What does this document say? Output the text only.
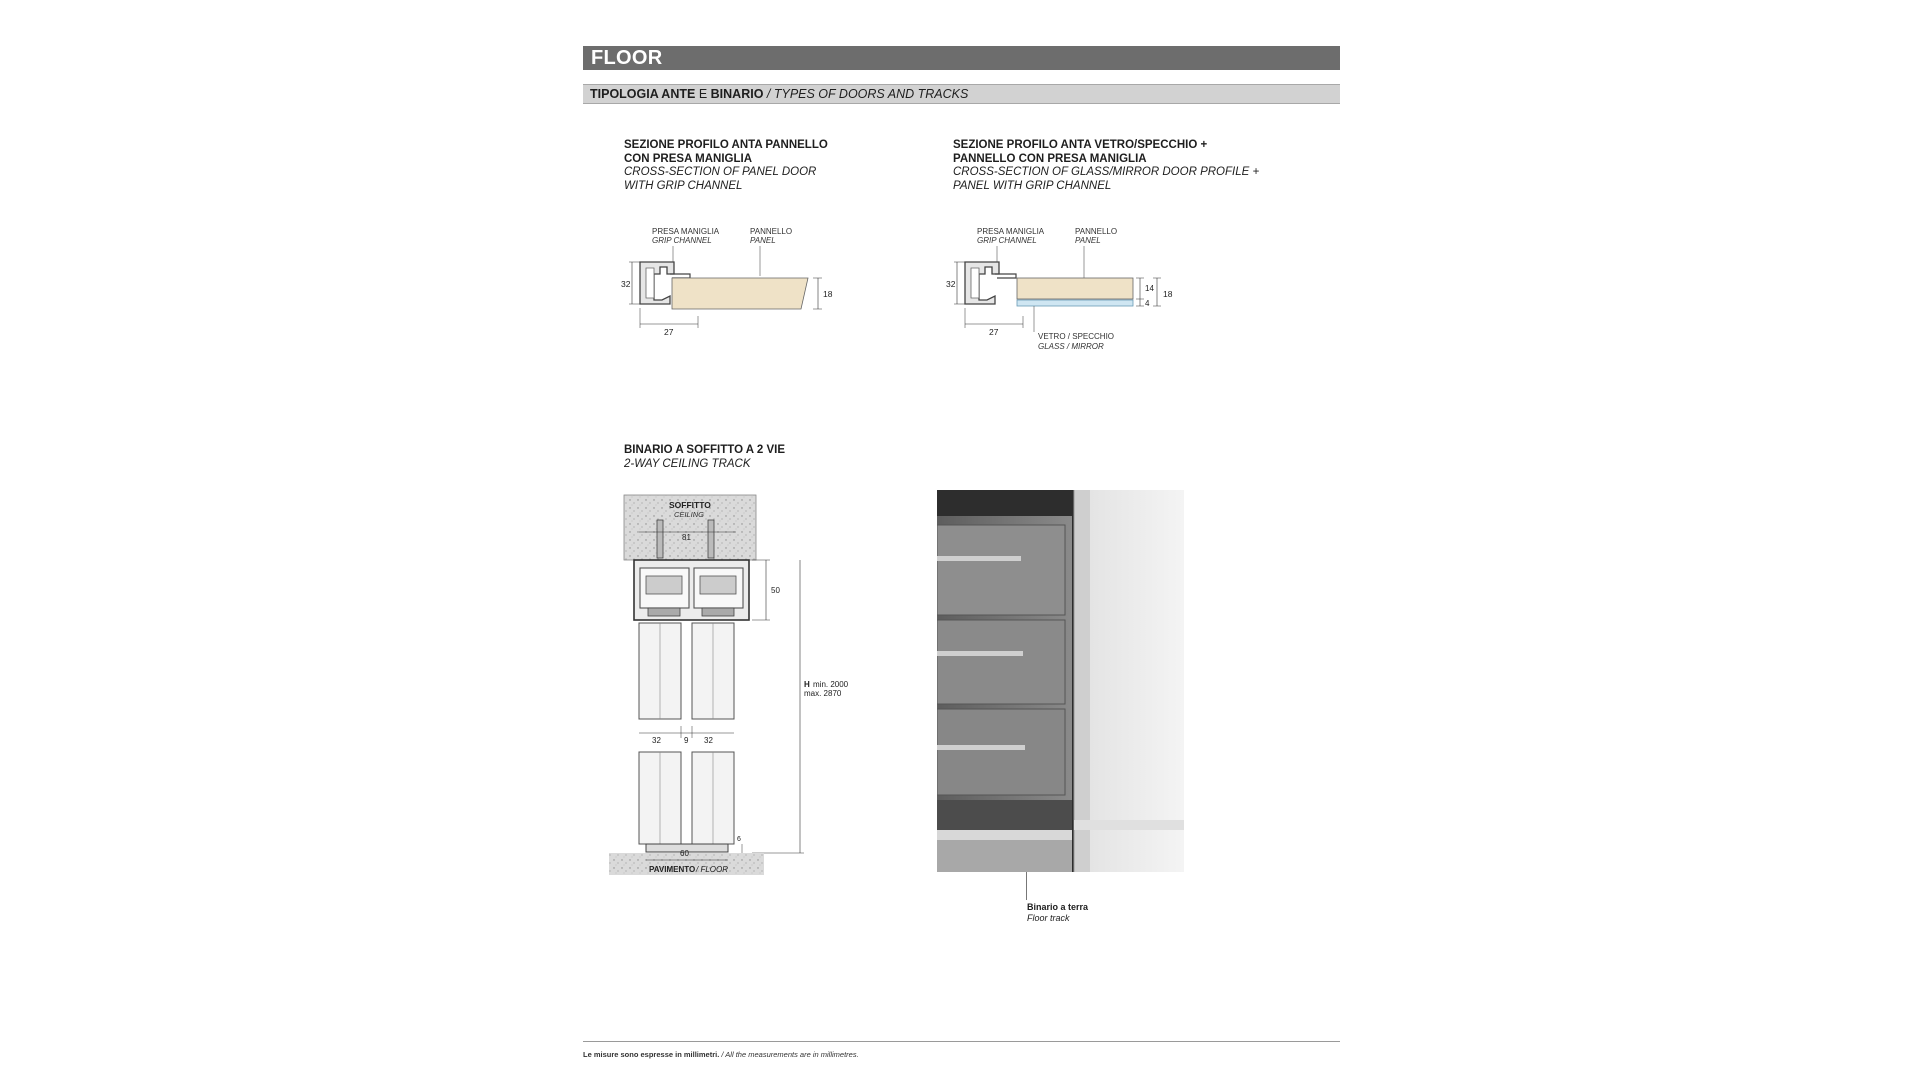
FLOOR
TIPOLOGIA ANTE E BINARIO / TYPES OF DOORS AND TRACKS
SEZIONE PROFILO ANTA PANNELLO
CON PRESA MANIGLIA
CROSS-SECTION OF PANEL DOOR
WITH GRIP CHANNEL
SEZIONE PROFILO ANTA VETRO/SPECCHIO +
PANNELLO CON PRESA MANIGLIA
CROSS-SECTION OF GLASS/MIRROR DOOR PROFILE +
PANEL WITH GRIP CHANNEL
PRESA MANIGLIA
GRIP CHANNEL
PANNELLO
PANEL
32
27
18
PRESA MANIGLIA
GRIP CHANNEL
PANNELLO
PANEL
VETRO / SPECCHIO
GLASS / MIRROR
32
27
14
4
18
BINARIO A SOFFITTO A 2 VIE
2-WAY CEILING TRACK
SOFFITTO
CEILING
81
50
32	9 32
H min. 2000
max. 2870
6
60
PAVIMENTO / FLOOR
Binario a terra
Floor track
Le misure sono espresse in millimetri. / All the measurements are in millimetres.
